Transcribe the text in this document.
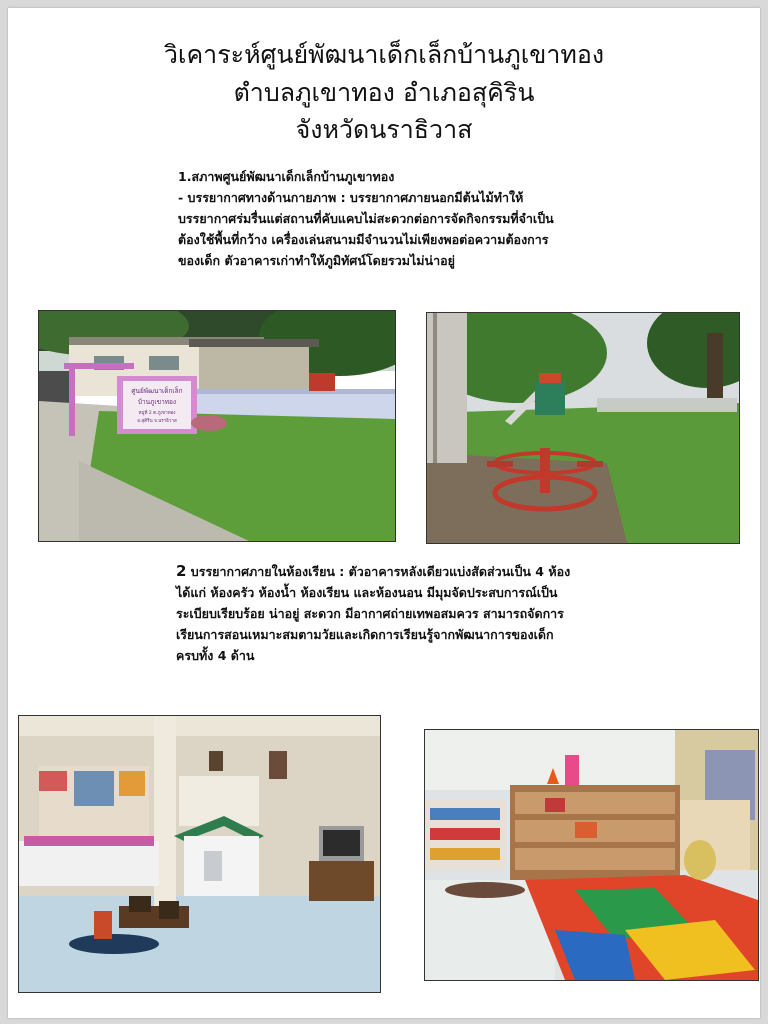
วิเคาระห์ศูนย์พัฒนาเด็กเล็กบ้านภูเขาทอง
ตำบลภูเขาทอง อำเภอสุคิริน
จังหวัดนราธิวาส
1.สภาพศูนย์พัฒนาเด็กเล็กบ้านภูเขาทอง
- บรรยากาศทางด้านกายภาพ : บรรยากาศภายนอกมีต้นไม้ทำให้
บรรยากาศร่มรื่นแต่สถานที่คับแคบไม่สะดวกต่อการจัดกิจกรรมที่จำเป็น
ต้องใช้พื้นที่กว้าง เครื่องเล่นสนามมีจำนวนไม่เพียงพอต่อความต้องการ
ของเด็ก ตัวอาคารเก่าทำให้ภูมิทัศน์โดยรวมไม่น่าอยู่
ศูนย์พัฒนาเด็กเล็ก
บ้านภูเขาทอง
หมู่ที่ 2 ต.ภูเขาทอง
อ.สุคิริน จ.นราธิวาส
2 บรรยากาศภายในห้องเรียน : ตัวอาคารหลังเดียวแบ่งสัดส่วนเป็น 4 ห้อง
ได้แก่ ห้องครัว ห้องน้ำ ห้องเรียน และห้องนอน มีมุมจัดประสบการณ์เป็น
ระเบียบเรียบร้อย น่าอยู่ สะดวก มีอากาศถ่ายเทพอสมควร สามารถจัดการ
เรียนการสอนเหมาะสมตามวัยและเกิดการเรียนรู้จากพัฒนาการของเด็ก
ครบทั้ง 4 ด้าน
